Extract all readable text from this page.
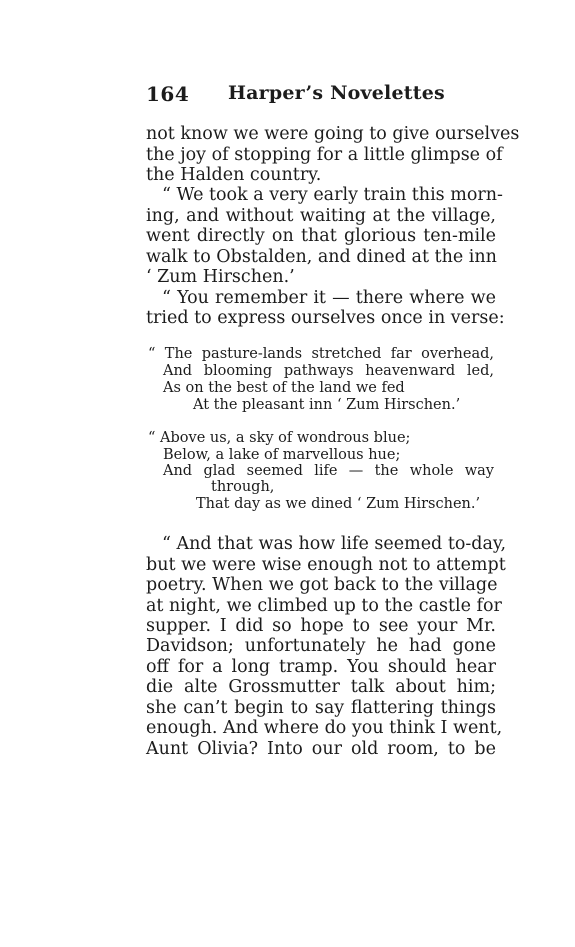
164 Harper’s Novelettes
not know we were going to give ourselves
the joy of stopping for a little glimpse of
the Halden country.
“ We took a very early train this morn-
ing, and without waiting at the village,
went directly on that glorious ten-mile
walk to Obstalden, and dined at the inn
‘ Zum Hirschen.’
“ You remember it — there where we
tried to express ourselves once in verse:
“ The pasture-lands stretched far overhead,
And blooming pathways heavenward led,
As on the best of the land we fed
At the pleasant inn ‘ Zum Hirschen.’
“ Above us, a sky of wondrous blue;
Below, a lake of marvellous hue;
And glad seemed life — the whole way
through,
That day as we dined ‘ Zum Hirschen.’
“ And that was how life seemed to-day,
but we were wise enough not to attempt
poetry. When we got back to the village
at night, we climbed up to the castle for
supper. I did so hope to see your Mr.
Davidson; unfortunately he had gone
off for a long tramp. You should hear
die alte Grossmutter talk about him;
she can’t begin to say flattering things
enough. And where do you think I went,
Aunt Olivia? Into our old room, to be
